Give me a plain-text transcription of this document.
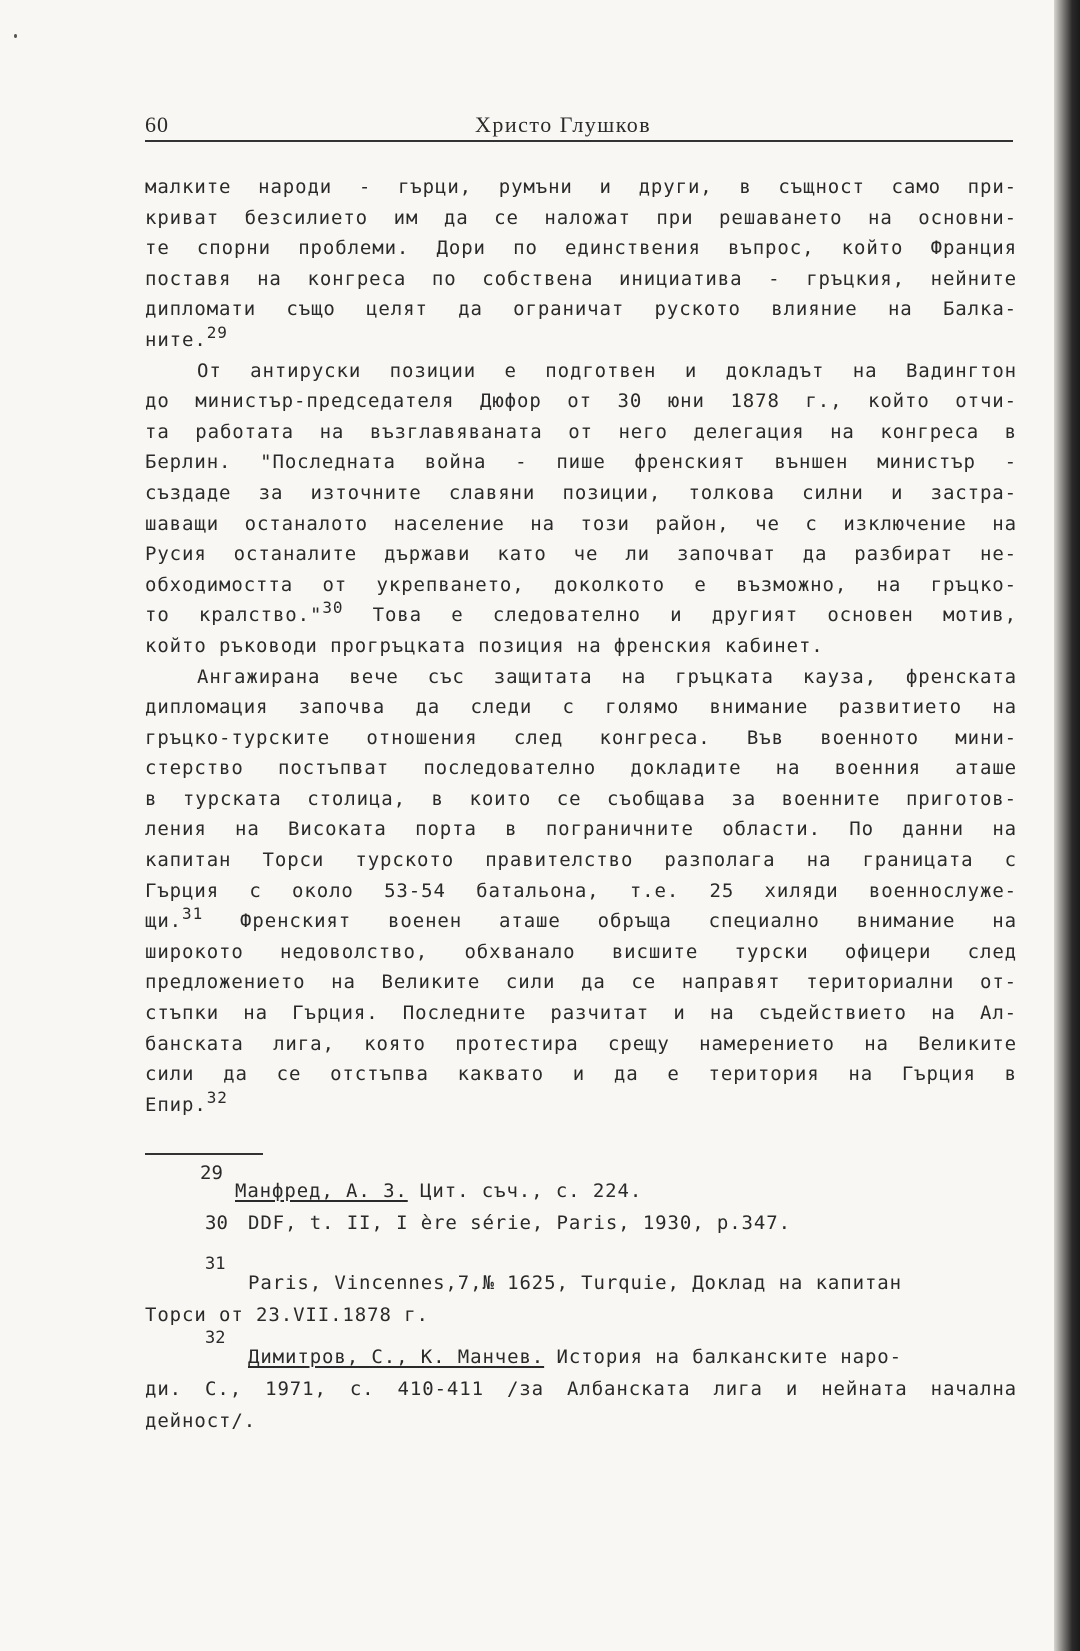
60	Христо Глушков
малките народи - гърци, румъни и други, в същност само при-
криват безсилието им да се наложат при решаването на основни-
те спорни проблеми. Дори по единствения въпрос, който Франция
поставя на конгреса по собствена инициатива - гръцкия, нейните
дипломати също целят да ограничат руското влияние на Балка-
ните.$^{29}$
От антируски позиции е подготвен и докладът на Вадингтон
до министър-председателя Дюфор от 30 юни 1878 г., който отчи-
та работата на възглавяваната от него делегация на конгреса в
Берлин. "Последната война - пише френският външен министър -
създаде за източните славяни позиции, толкова силни и застра-
шаващи останалото население на този район, че с изключение на
Русия останалите държави като че ли започват да разбират не-
обходимостта от укрепването, доколкото е възможно, на гръцко-
то кралство."$^{30}$ Това е следователно и другият основен мотив,
който ръководи прогръцката позиция на френския кабинет.
Ангажирана вече със защитата на гръцката кауза, френската
дипломация започва да следи с голямо внимание развитието на
гръцко-турските отношения след конгреса. Във военното мини-
стерство постъпват последователно докладите на военния аташе
в турската столица, в които се съобщава за военните приготов-
ления на Високата порта в пограничните области. По данни на
капитан Торси турското правителство разполага на границата с
Гърция с около 53-54 батальона, т.е. 25 хиляди военнослуже-
щи.$^{31}$ Френският военен аташе обръща специално внимание на
широкото недоволство, обхванало висшите турски офицери след
предложението на Великите сили да се направят териториални от-
стъпки на Гърция. Последните разчитат и на съдействието на Ал-
банската лига, която протестира срещу намерението на Великите
сили да се отстъпва каквато и да е територия на Гърция в
Епир.$^{32}$
29
Манфред, А. З. Цит. съч., с. 224.
30 DDF, t. II, I ère série, Paris, 1930, p.347.
31
Paris, Vincennes,7,№ 1625, Turquie, Доклад на капитан
Торси от 23.VII.1878 г.
32
Димитров, С., К. Манчев. История на балканските наро-
ди. С., 1971, с. 410-411 /за Албанската лига и нейната начална
дейност/.
